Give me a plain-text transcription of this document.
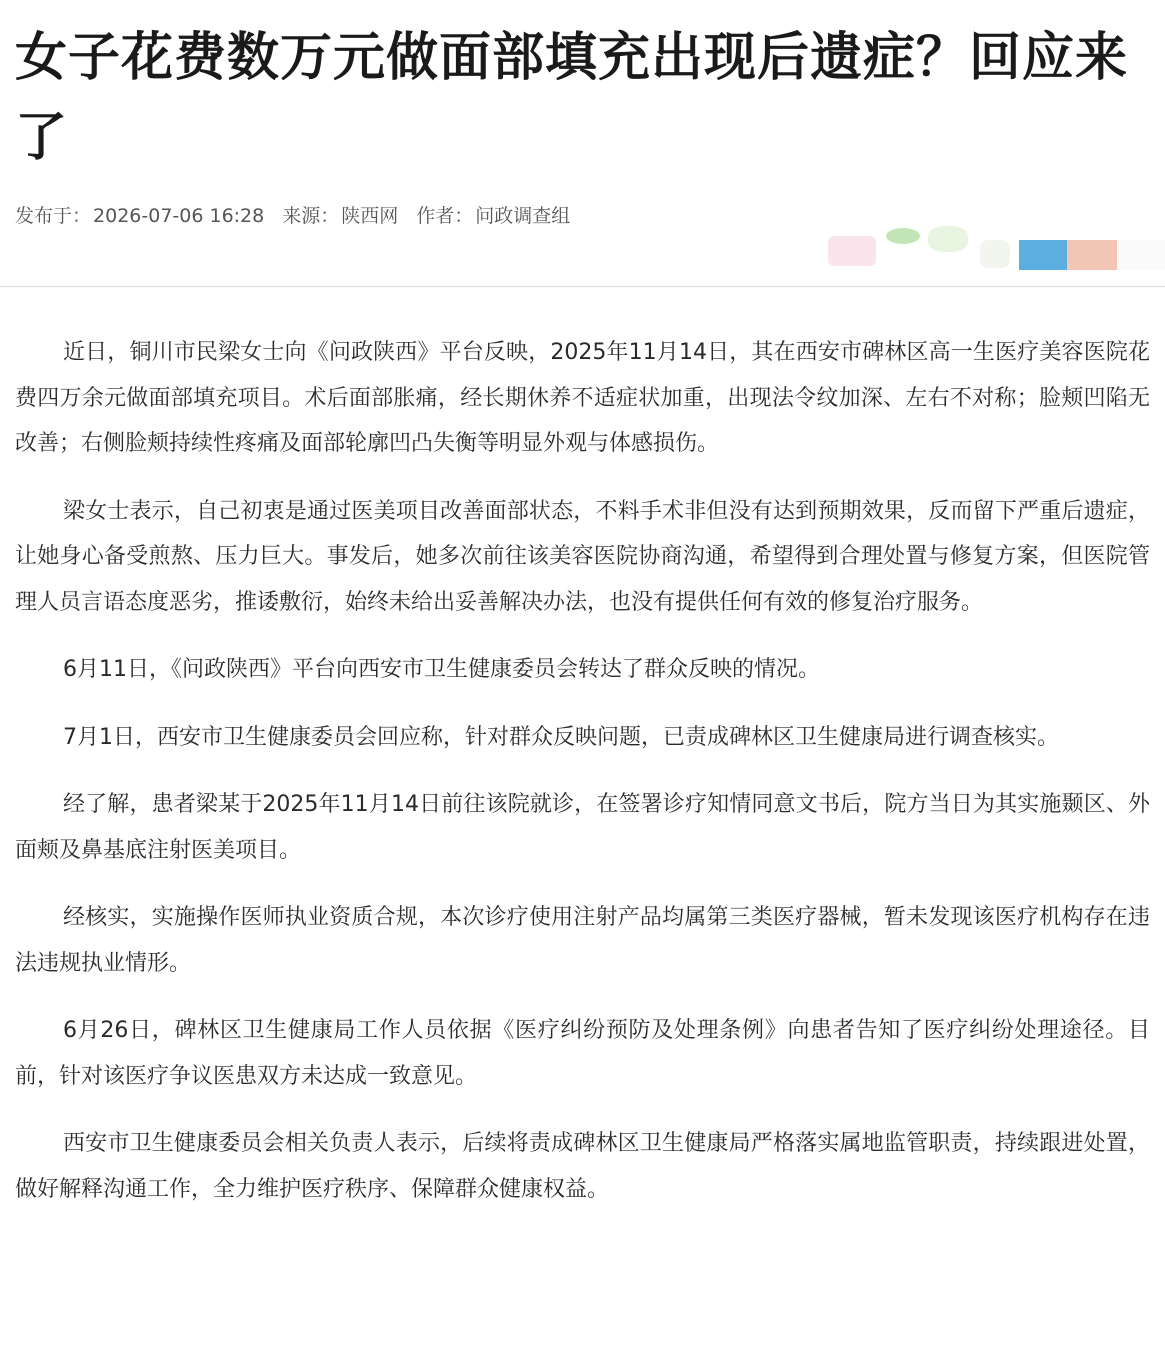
女子花费数万元做面部填充出现后遗症？回应来了
发布于： 2026-07-06 16:28 来源： 陕西网 作者： 问政调查组

近日，铜川市民梁女士向《问政陕西》平台反映，2025年11月14日，其在西安市碑林区高一生医疗美容医院花费四万余元做面部填充项目。术后面部胀痛，经长期休养不适症状加重，出现法令纹加深、左右不对称；脸颊凹陷无改善；右侧脸颊持续性疼痛及面部轮廓凹凸失衡等明显外观与体感损伤。

梁女士表示，自己初衷是通过医美项目改善面部状态，不料手术非但没有达到预期效果，反而留下严重后遗症，让她身心备受煎熬、压力巨大。事发后，她多次前往该美容医院协商沟通，希望得到合理处置与修复方案，但医院管理人员言语态度恶劣，推诿敷衍，始终未给出妥善解决办法，也没有提供任何有效的修复治疗服务。

6月11日，《问政陕西》平台向西安市卫生健康委员会转达了群众反映的情况。

7月1日，西安市卫生健康委员会回应称，针对群众反映问题，已责成碑林区卫生健康局进行调查核实。

经了解，患者梁某于2025年11月14日前往该院就诊，在签署诊疗知情同意文书后，院方当日为其实施颞区、外面颊及鼻基底注射医美项目。

经核实，实施操作医师执业资质合规，本次诊疗使用注射产品均属第三类医疗器械，暂未发现该医疗机构存在违法违规执业情形。

6月26日，碑林区卫生健康局工作人员依据《医疗纠纷预防及处理条例》向患者告知了医疗纠纷处理途径。目前，针对该医疗争议医患双方未达成一致意见。

西安市卫生健康委员会相关负责人表示，后续将责成碑林区卫生健康局严格落实属地监管职责，持续跟进处置，做好解释沟通工作，全力维护医疗秩序、保障群众健康权益。
